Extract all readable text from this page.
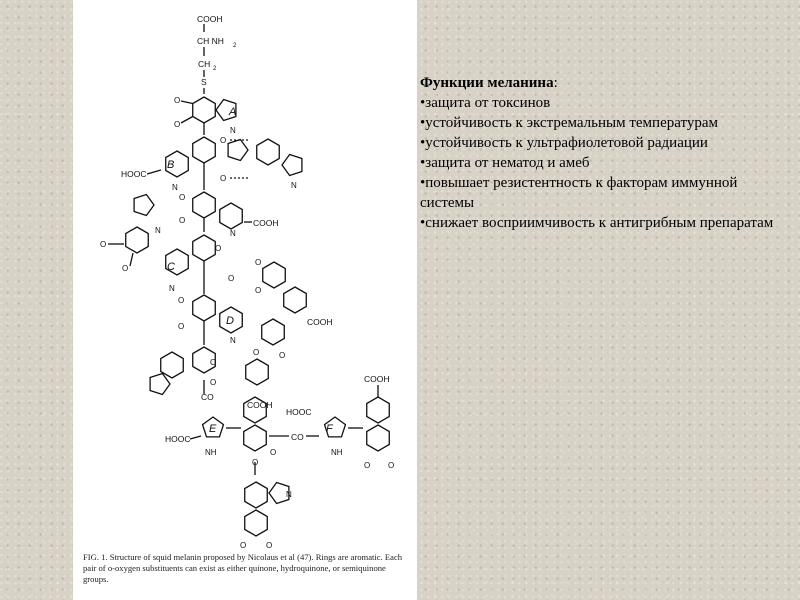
COOH
CH NH 2
CH 2
S
A
O
O
N
B
HOOC
N
O
O
N
COOH
N
O
O
O
O
N
C
N
O
O
COOH
O
O
D
O
O
N
O
O
O
O
CO
COOH
E
HOOC
NH	O
O
CO
F
HOOC
NH
COOH
O O
N
O O

FIG. 1. Structure of squid melanin proposed by Nicolaus et al (47). Rings are aromatic. Each pair of o-oxygen substituents can exist as either quinone, hydroquinone, or semiquinone groups.

Функции меланина:

• защита от токсинов

• устойчивость к экстремальным температурам

• устойчивость к ультрафиолетовой радиации

• защита от нематод и амеб

• повышает резистентность к факторам иммунной системы

• снижает восприимчивость к антигрибным препаратам
